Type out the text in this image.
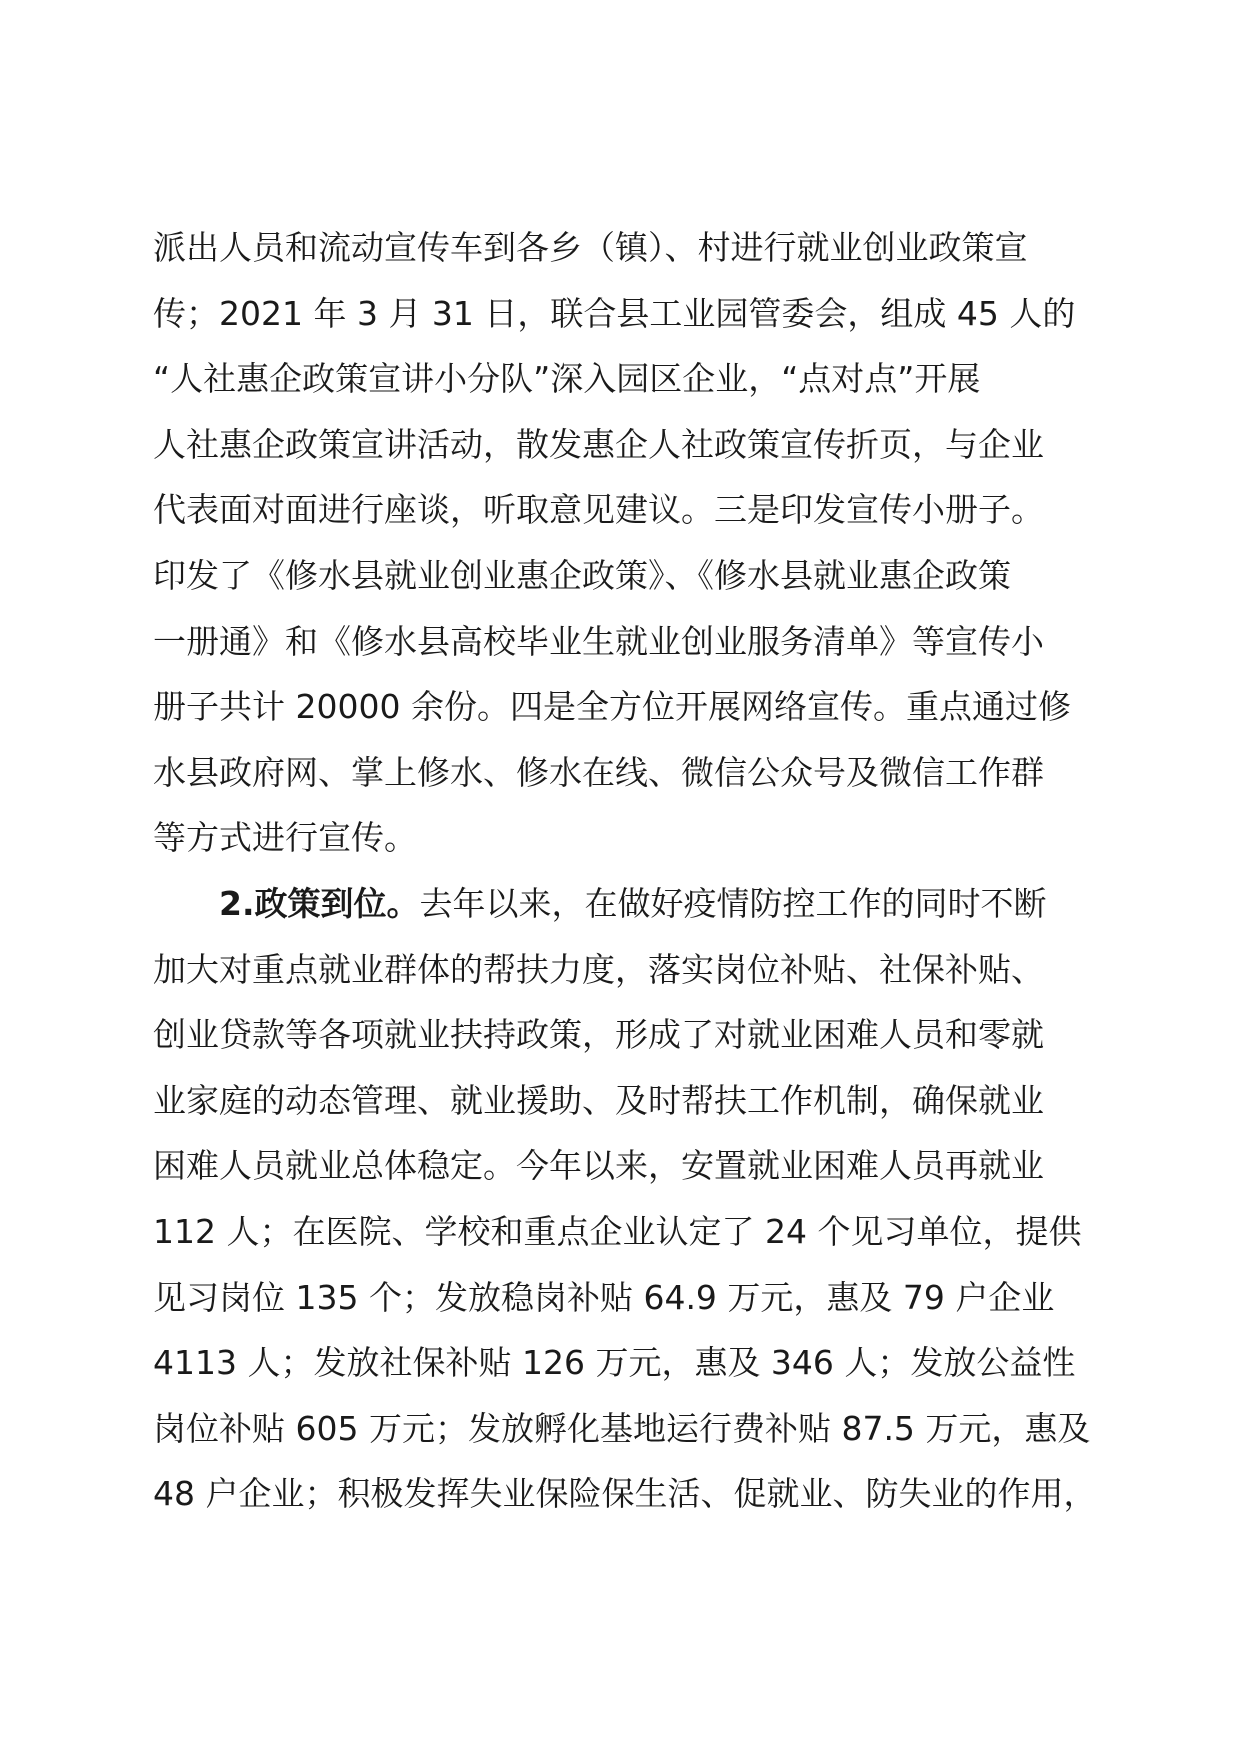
派出人员和流动宣传车到各乡（镇）、村进行就业创业政策宣
传；2021 年 3 月 31 日，联合县工业园管委会，组成 45 人的
“人社惠企政策宣讲小分队”深入园区企业，“点对点”开展
人社惠企政策宣讲活动，散发惠企人社政策宣传折页，与企业
代表面对面进行座谈，听取意见建议。三是印发宣传小册子。
印发了《修水县就业创业惠企政策》、《修水县就业惠企政策
一册通》和《修水县高校毕业生就业创业服务清单》等宣传小
册子共计 20000 余份。四是全方位开展网络宣传。重点通过修
水县政府网、掌上修水、修水在线、微信公众号及微信工作群
等方式进行宣传。
2.政策到位。去年以来，在做好疫情防控工作的同时不断
加大对重点就业群体的帮扶力度，落实岗位补贴、社保补贴、
创业贷款等各项就业扶持政策，形成了对就业困难人员和零就
业家庭的动态管理、就业援助、及时帮扶工作机制，确保就业
困难人员就业总体稳定。今年以来，安置就业困难人员再就业
112 人；在医院、学校和重点企业认定了 24 个见习单位，提供
见习岗位 135 个；发放稳岗补贴 64.9 万元，惠及 79 户企业
4113 人；发放社保补贴 126 万元，惠及 346 人；发放公益性
岗位补贴 605 万元；发放孵化基地运行费补贴 87.5 万元，惠及
48 户企业；积极发挥失业保险保生活、促就业、防失业的作用，
